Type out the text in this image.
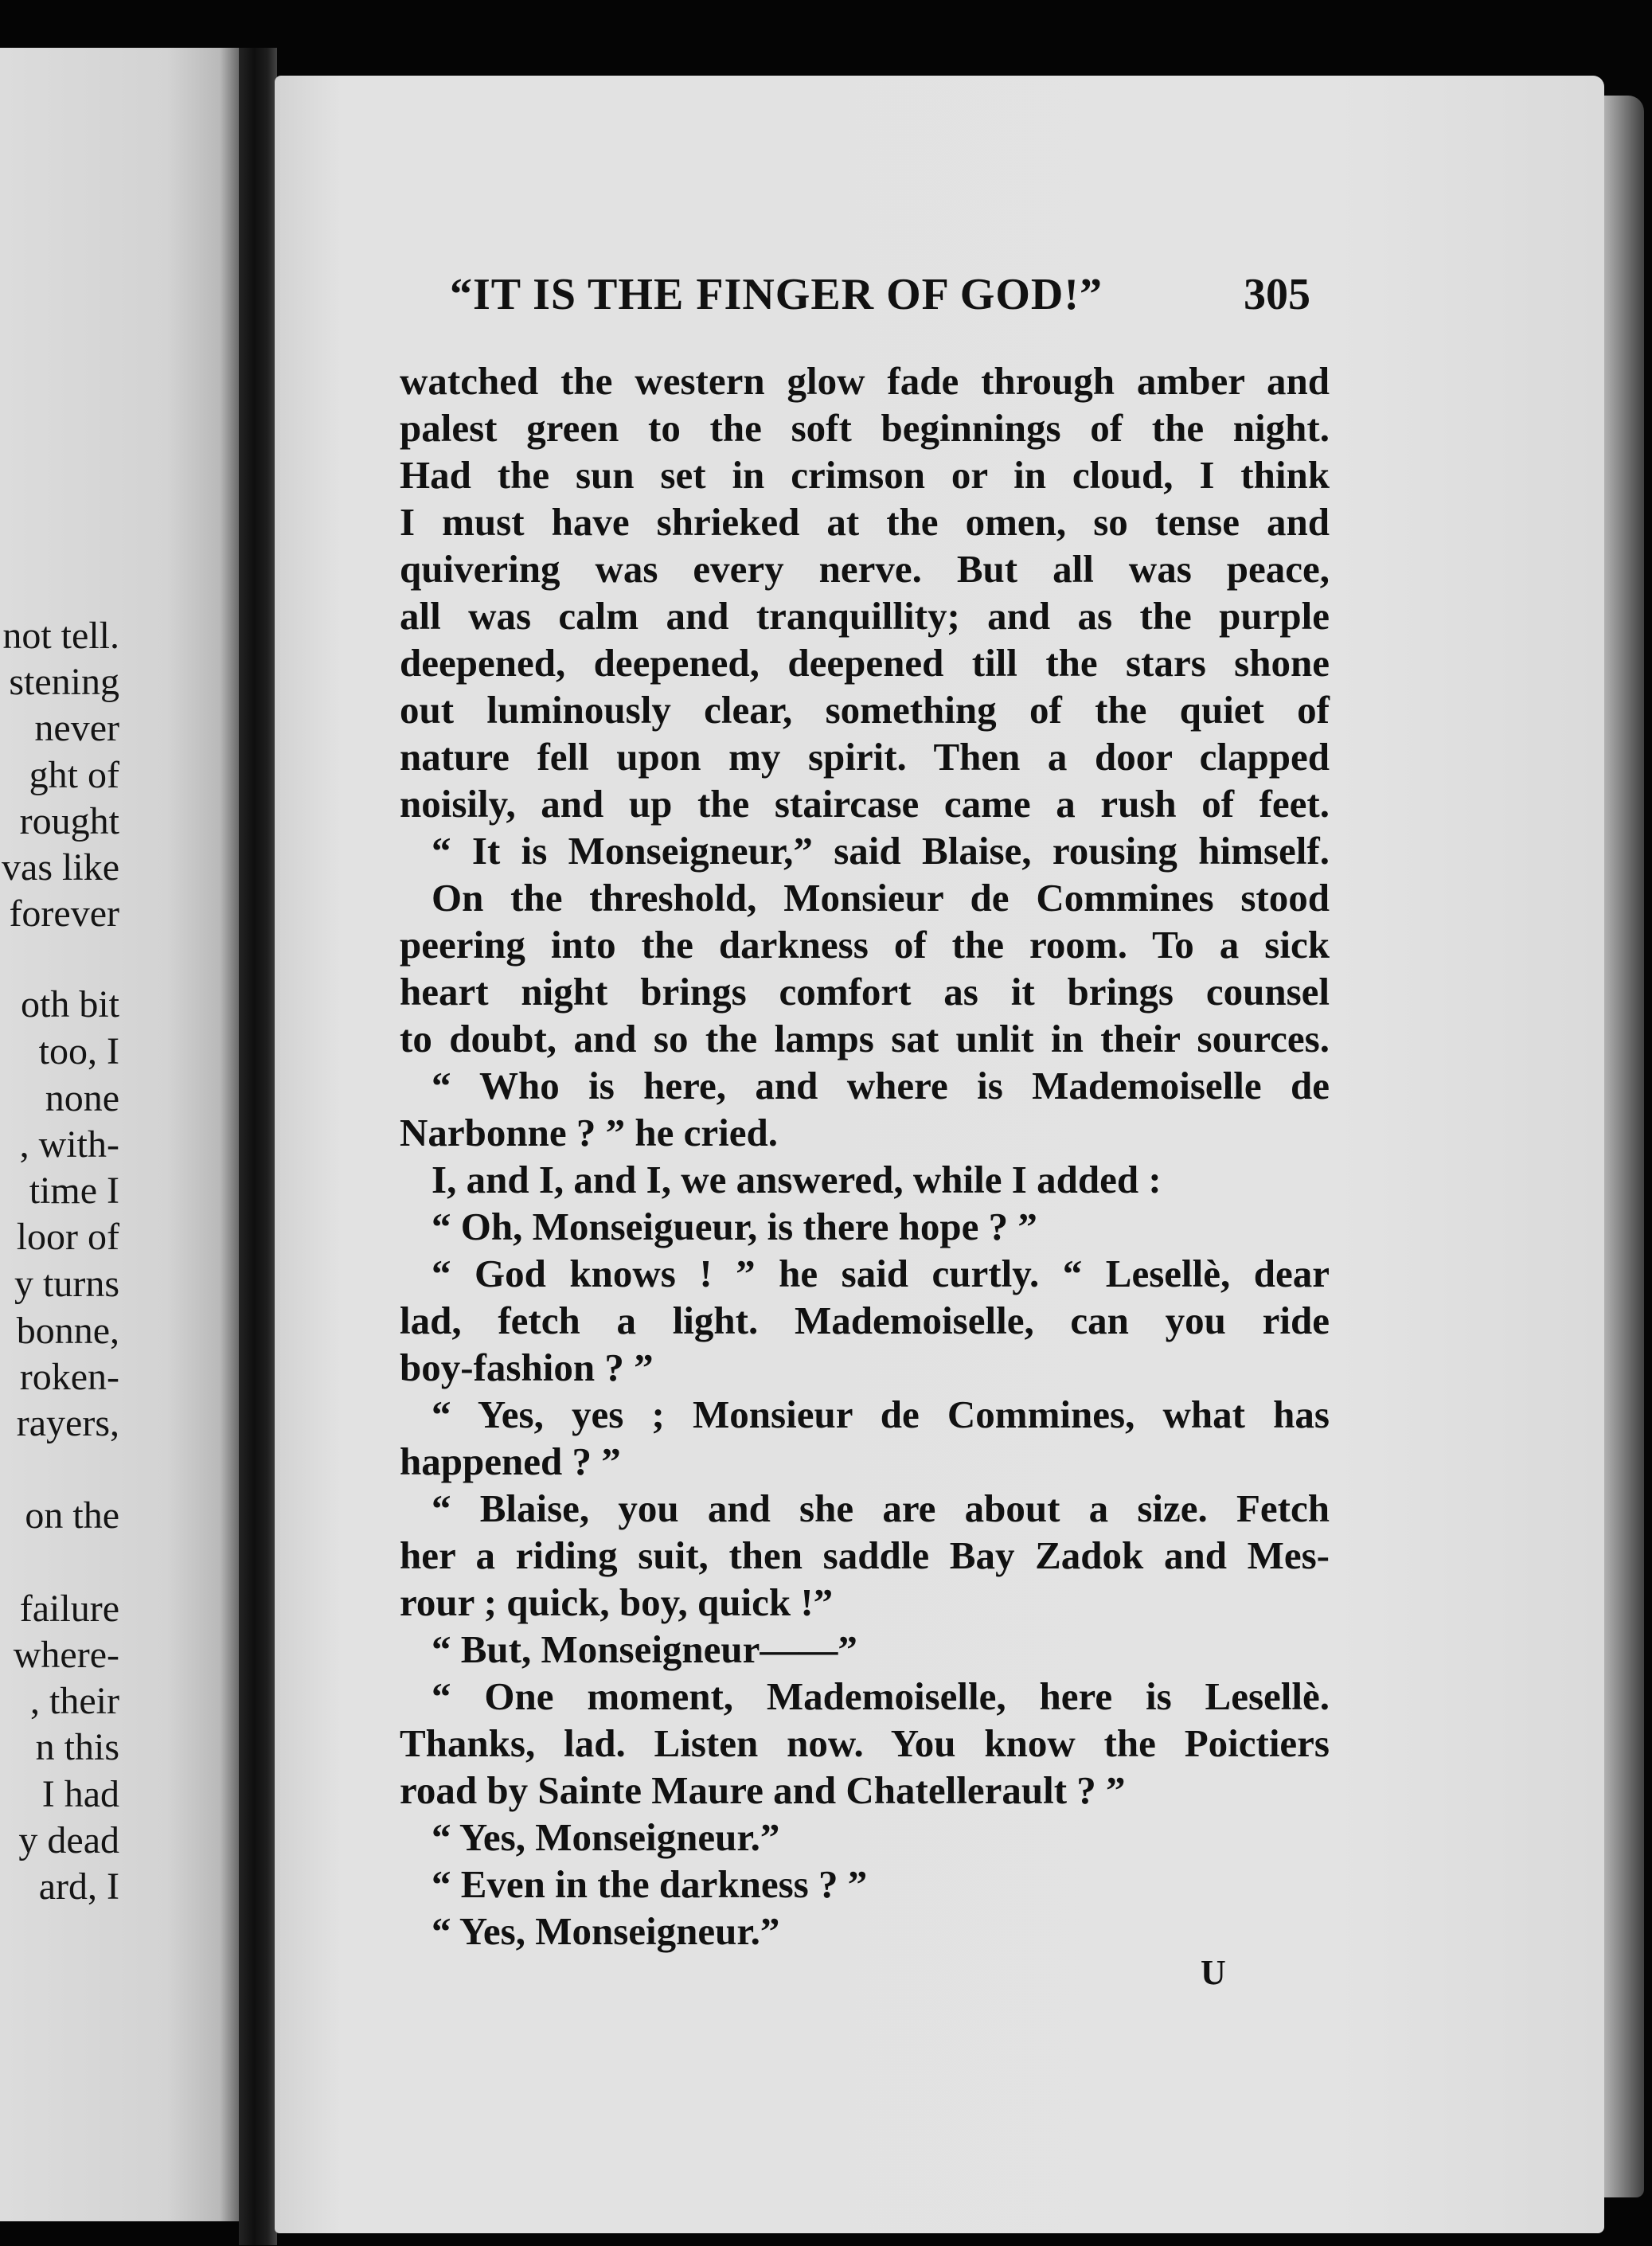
not tell.
stening
never
ght of
rought
vas like
forever
oth bit
too, I
none
, with-
time I
loor of
y turns
bonne,
roken-
rayers,
on the
failure
where-
, their
n this
I had
y dead
ard, I
“IT IS THE FINGER OF GOD!”	305
watched the western glow fade through amber and
palest green to the soft beginnings of the night.
Had the sun set in crimson or in cloud, I think
I must have shrieked at the omen, so tense and
quivering was every nerve. But all was peace,
all was calm and tranquillity; and as the purple
deepened, deepened, deepened till the stars shone
out luminously clear, something of the quiet of
nature fell upon my spirit. Then a door clapped
noisily, and up the staircase came a rush of feet.
“ It is Monseigneur,” said Blaise, rousing himself.
On the threshold, Monsieur de Commines stood
peering into the darkness of the room. To a sick
heart night brings comfort as it brings counsel
to doubt, and so the lamps sat unlit in their sources.
“ Who is here, and where is Mademoiselle de
Narbonne ? ” he cried.
I, and I, and I, we answered, while I added :
“ Oh, Monseigueur, is there hope ? ”
“ God knows ! ” he said curtly. “ Lesellè, dear
lad, fetch a light. Mademoiselle, can you ride
boy-fashion ? ”
“ Yes, yes ; Monsieur de Commines, what has
happened ? ”
“ Blaise, you and she are about a size. Fetch
her a riding suit, then saddle Bay Zadok and Mes-
rour ; quick, boy, quick !”
“ But, Monseigneur——”
“ One moment, Mademoiselle, here is Lesellè.
Thanks, lad. Listen now. You know the Poictiers
road by Sainte Maure and Chatellerault ? ”
“ Yes, Monseigneur.”
“ Even in the darkness ? ”
“ Yes, Monseigneur.”
U
